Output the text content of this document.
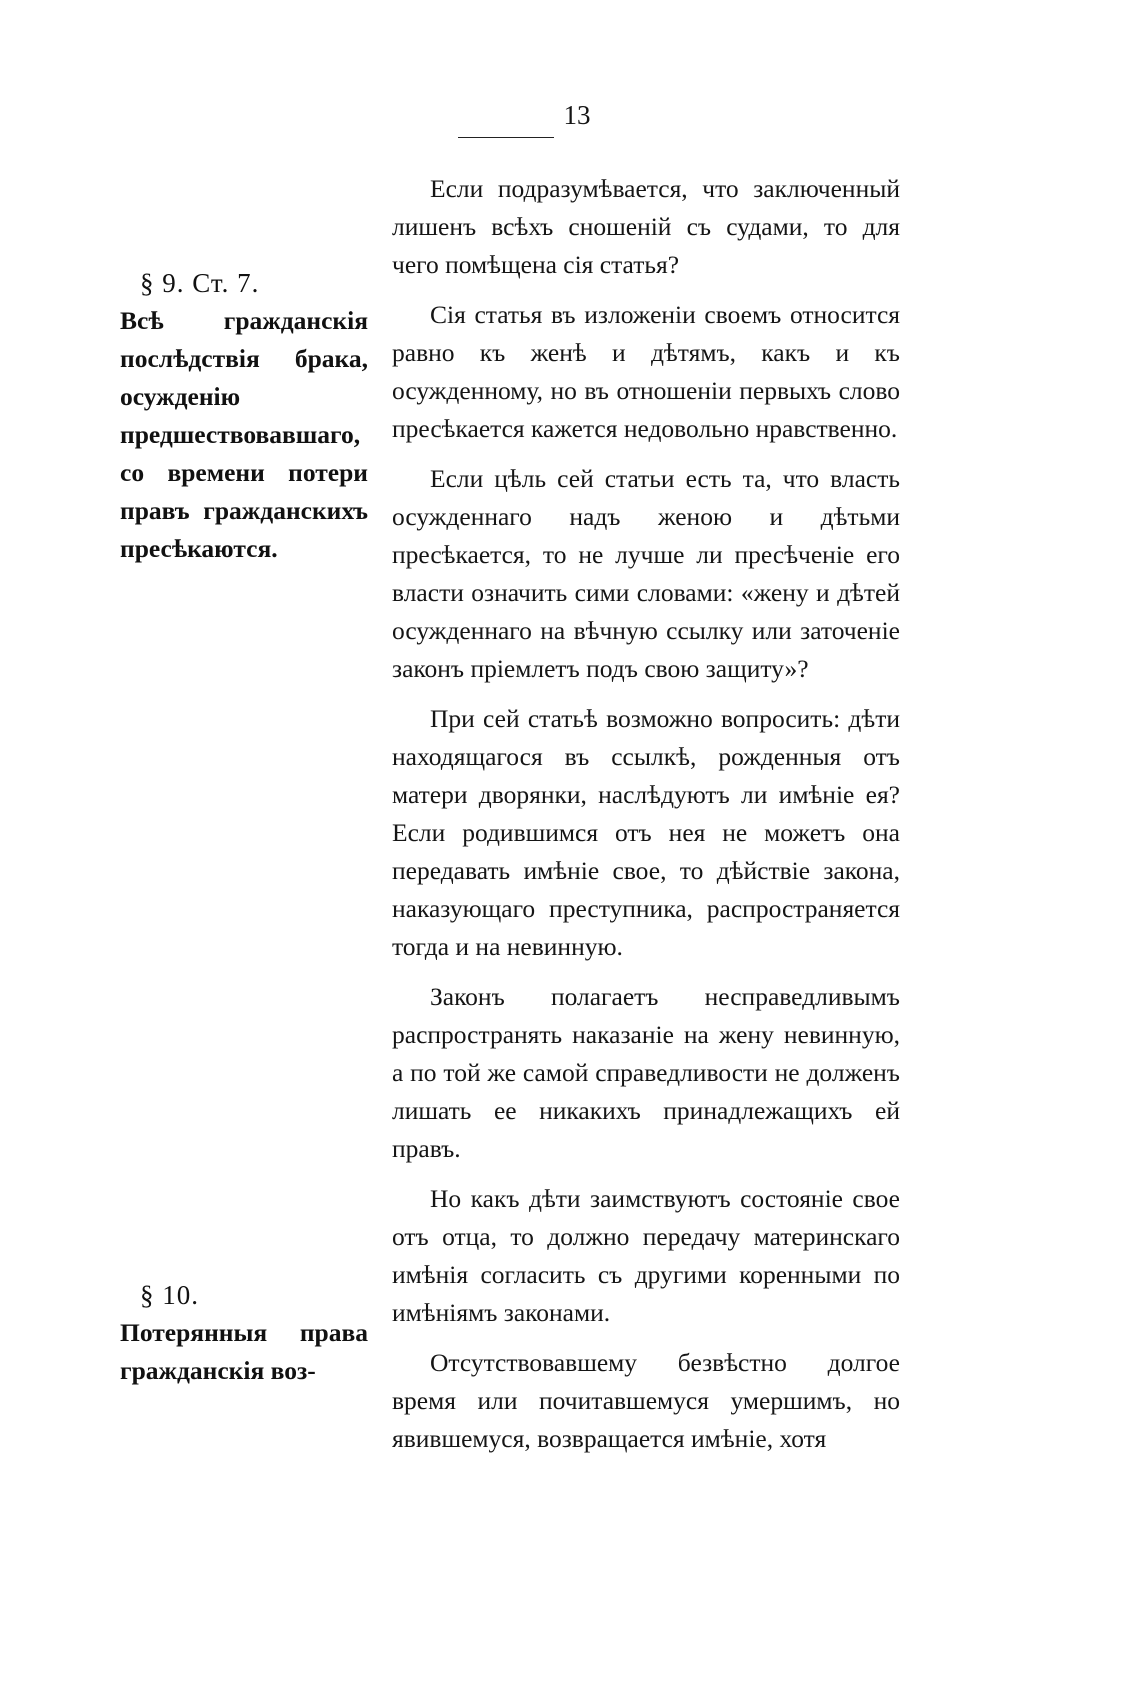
13
§ 9. Ст. 7.
Всѣ гражданскія послѣдствія брака, осужденію предшествовавшаго, со времени потери правъ гражданскихъ пресѣкаются.
§ 10.
Потерянныя права гражданскія воз-

Если подразумѣвается, что заключенный лишенъ всѣхъ сношеній съ судами, то для чего помѣщена сія статья?

Сія статья въ изложеніи своемъ относится равно къ женѣ и дѣтямъ, какъ и къ осужденному, но въ отношеніи первыхъ слово пресѣкается кажется недовольно нравственно.

Если цѣль сей статьи есть та, что власть осужденнаго надъ женою и дѣтьми пресѣкается, то не лучше ли пресѣченіе его власти означить сими словами: «жену и дѣтей осужденнаго на вѣчную ссылку или заточеніе законъ пріемлетъ подъ свою защиту»?

При сей статьѣ возможно вопросить: дѣти находящагося въ ссылкѣ, рожденныя отъ матери дворянки, наслѣдуютъ ли имѣніе ея? Если родившимся отъ нея не можетъ она передавать имѣніе свое, то дѣйствіе закона, наказующаго преступника, распространяется тогда и на невинную.

Законъ полагаетъ несправедливымъ распространять наказаніе на жену невинную, а по той же самой справедливости не долженъ лишать ее никакихъ принадлежащихъ ей правъ.

Но какъ дѣти заимствуютъ состояніе свое отъ отца, то должно передачу материнскаго имѣнія согласить съ другими коренными по имѣніямъ законами.

Отсутствовавшему безвѣстно долгое время или почитавшемуся умершимъ, но явившемуся, возвращается имѣніе, хотя
